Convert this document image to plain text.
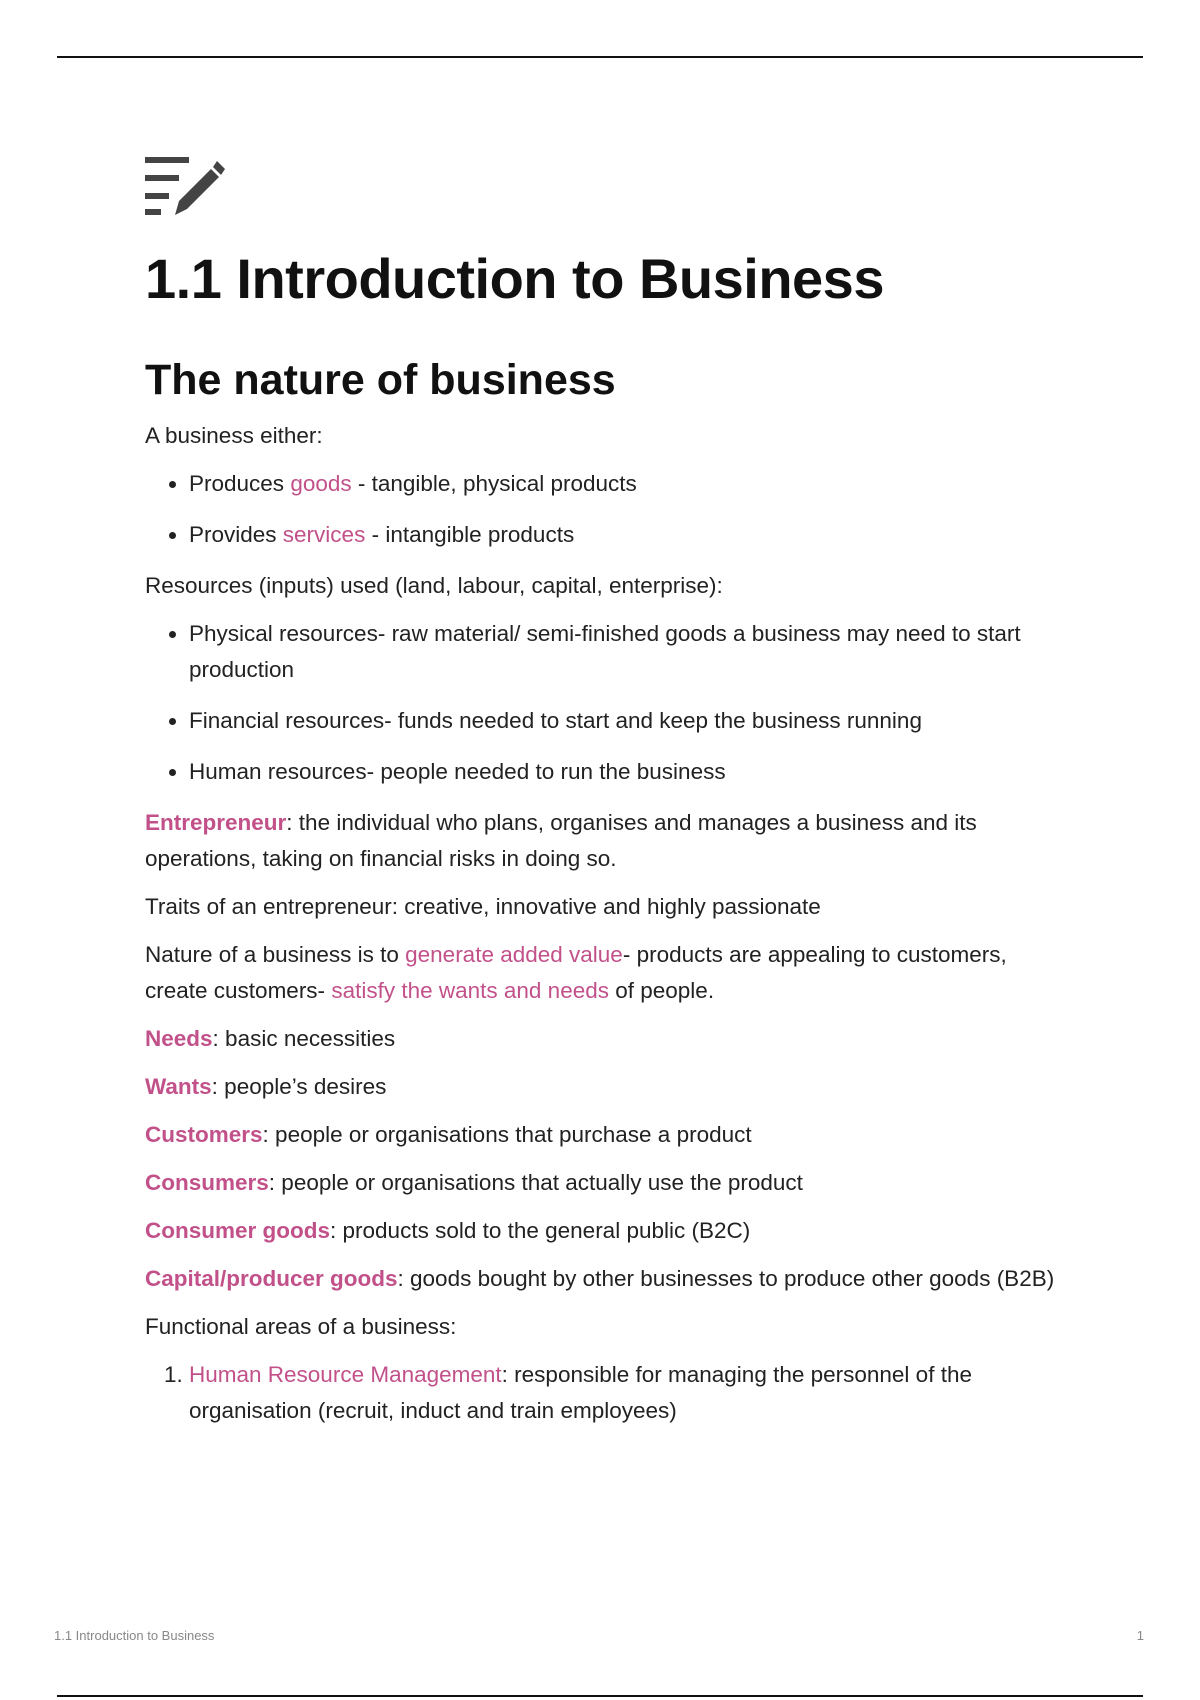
1.1 Introduction to Business
The nature of business

A business either:

• Produces goods - tangible, physical products
• Provides services - intangible products

Resources (inputs) used (land, labour, capital, enterprise):

• Physical resources- raw material/ semi-finished goods a business may need to start production
• Financial resources- funds needed to start and keep the business running
• Human resources- people needed to run the business

Entrepreneur: the individual who plans, organises and manages a business and its operations, taking on financial risks in doing so.

Traits of an entrepreneur: creative, innovative and highly passionate

Nature of a business is to generate added value- products are appealing to customers, create customers- satisfy the wants and needs of people.

Needs: basic necessities

Wants: people’s desires

Customers: people or organisations that purchase a product

Consumers: people or organisations that actually use the product

Consumer goods: products sold to the general public (B2C)

Capital/producer goods: goods bought by other businesses to produce other goods (B2B)

Functional areas of a business:

1. Human Resource Management: responsible for managing the personnel of the organisation (recruit, induct and train employees)
1.1 Introduction to Business	1
